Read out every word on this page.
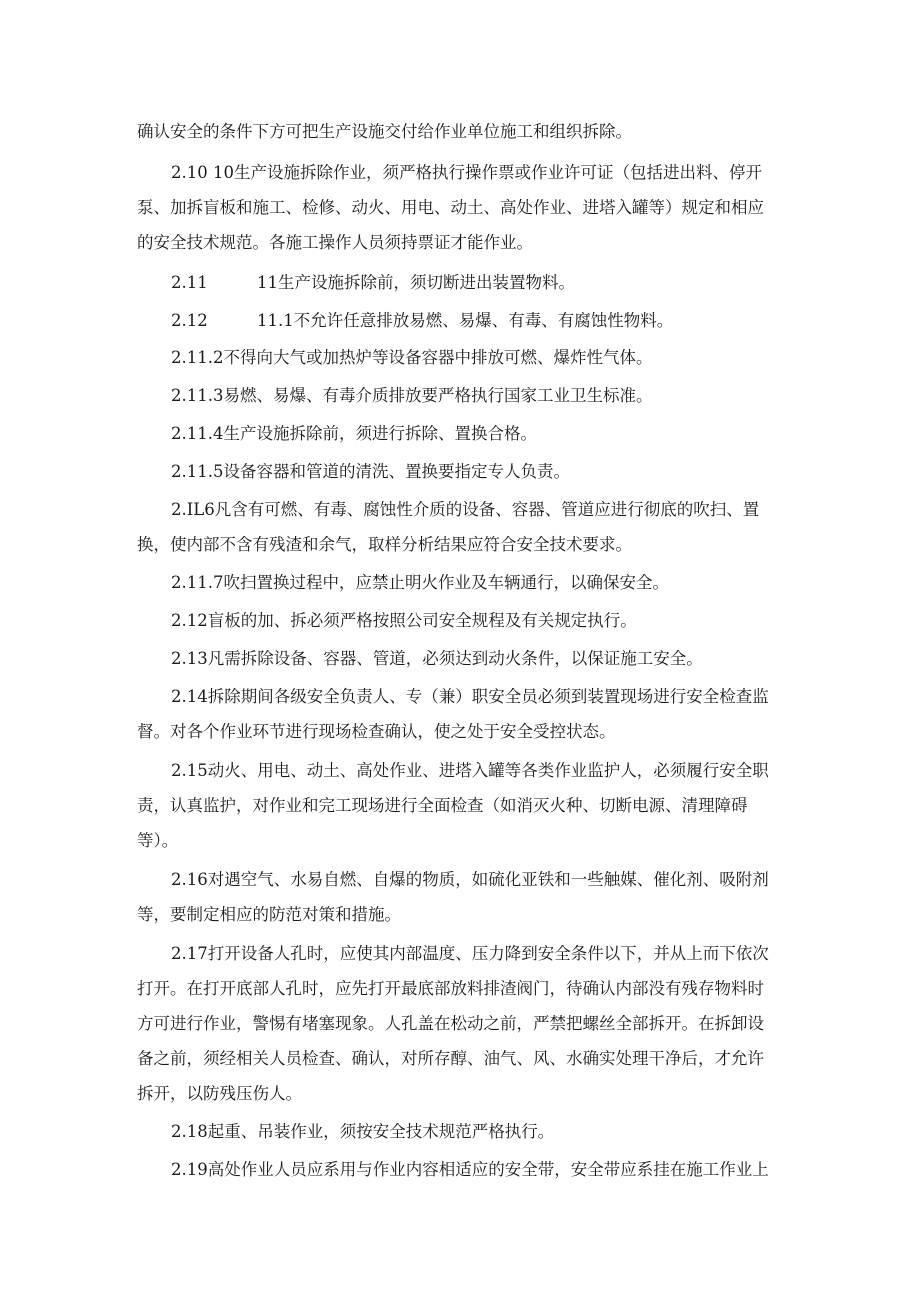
确认安全的条件下方可把生产设施交付给作业单位施工和组织拆除。
2.10 10生产设施拆除作业，须严格执行操作票或作业许可证（包括进出料、停开
泵、加拆盲板和施工、检修、动火、用电、动土、高处作业、进塔入罐等）规定和相应
的安全技术规范。各施工操作人员须持票证才能作业。
2.11	11生产设施拆除前，须切断进出装置物料。
2.12	11.1不允许任意排放易燃、易爆、有毒、有腐蚀性物料。
2.11.2不得向大气或加热炉等设备容器中排放可燃、爆炸性气体。
2.11.3易燃、易爆、有毒介质排放要严格执行国家工业卫生标准。
2.11.4生产设施拆除前，须进行拆除、置换合格。
2.11.5设备容器和管道的清洗、置换要指定专人负责。
2.IL6凡含有可燃、有毒、腐蚀性介质的设备、容器、管道应进行彻底的吹扫、置
换，使内部不含有残渣和余气，取样分析结果应符合安全技术要求。
2.11.7吹扫置换过程中，应禁止明火作业及车辆通行，以确保安全。
2.12盲板的加、拆必须严格按照公司安全规程及有关规定执行。
2.13凡需拆除设备、容器、管道，必须达到动火条件，以保证施工安全。
2.14拆除期间各级安全负责人、专（兼）职安全员必须到装置现场进行安全检查监
督。对各个作业环节进行现场检查确认，使之处于安全受控状态。
2.15动火、用电、动土、高处作业、进塔入罐等各类作业监护人，必须履行安全职
责，认真监护，对作业和完工现场进行全面检查（如消灭火种、切断电源、清理障碍
等）。
2.16对遇空气、水易自燃、自爆的物质，如硫化亚铁和一些触媒、催化剂、吸附剂
等，要制定相应的防范对策和措施。
2.17打开设备人孔时，应使其内部温度、压力降到安全条件以下，并从上而下依次
打开。在打开底部人孔时，应先打开最底部放料排渣阀门，待确认内部没有残存物料时
方可进行作业，警惕有堵塞现象。人孔盖在松动之前，严禁把螺丝全部拆开。在拆卸设
备之前，须经相关人员检查、确认，对所存醇、油气、风、水确实处理干净后，才允许
拆开，以防残压伤人。
2.18起重、吊装作业，须按安全技术规范严格执行。
2.19高处作业人员应系用与作业内容相适应的安全带，安全带应系挂在施工作业上
